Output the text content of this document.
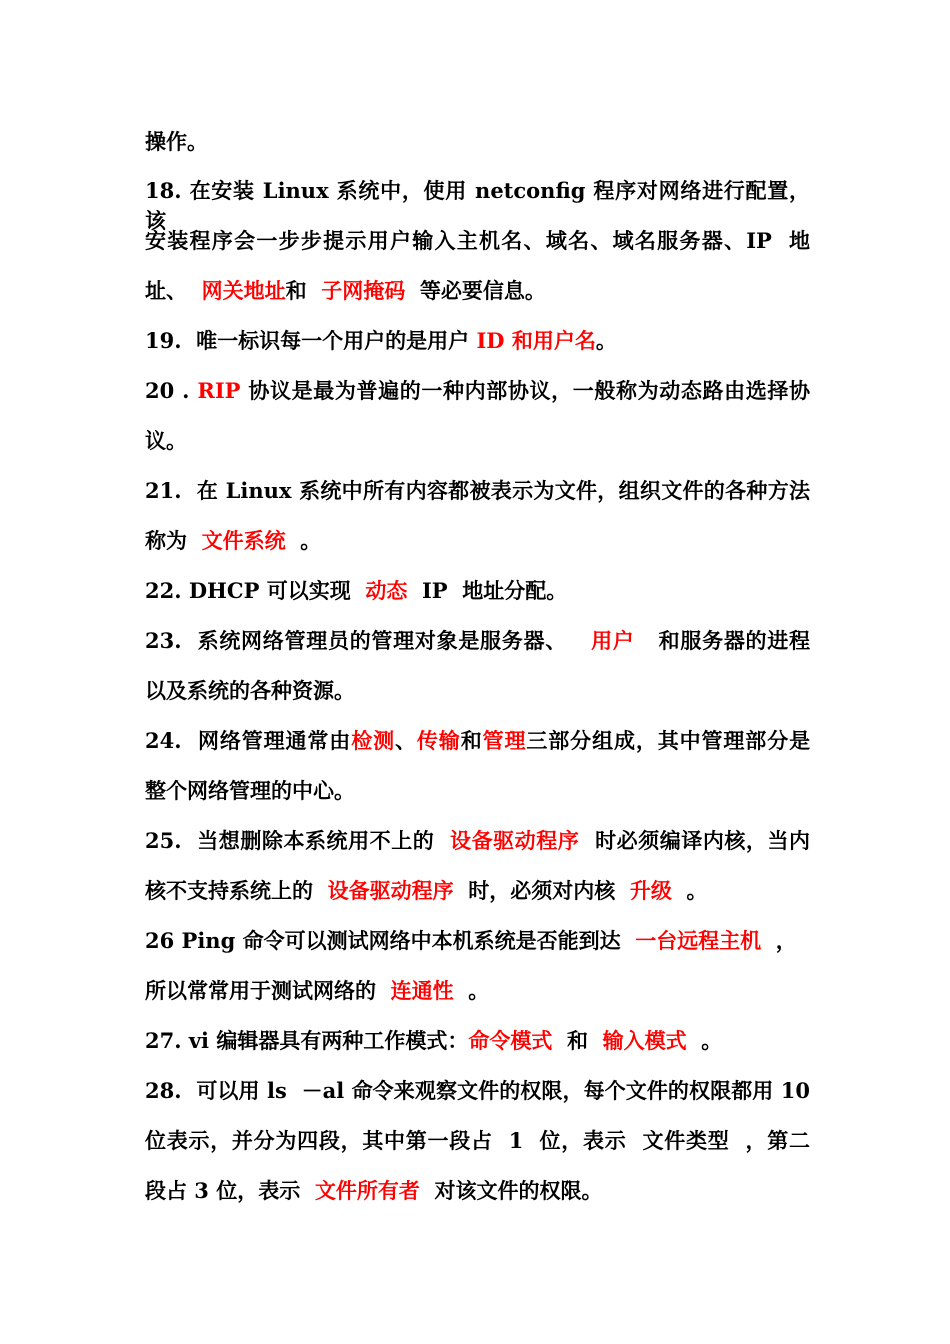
操作。
18. 在安装 Linux 系统中，使用 netconfig 程序对网络进行配置，该
安装程序会一步步提示用户输入主机名、域名、域名服务器、IP  地
址、  网关地址和  子网掩码  等必要信息。
19.  唯一标识每一个用户的是用户 ID 和用户名。
20 . RIP 协议是最为普遍的一种内部协议，一般称为动态路由选择协
议。
21.  在 Linux 系统中所有内容都被表示为文件，组织文件的各种方法
称为  文件系统  。
22. DHCP 可以实现  动态  IP  地址分配。
23.  系统网络管理员的管理对象是服务器、   用户   和服务器的进程
以及系统的各种资源。
24.  网络管理通常由检测、传输和管理三部分组成，其中管理部分是
整个网络管理的中心。
25.  当想删除本系统用不上的  设备驱动程序  时必须编译内核，当内
核不支持系统上的  设备驱动程序  时，必须对内核  升级  。
26 Ping 命令可以测试网络中本机系统是否能到达  一台远程主机  ，
所以常常用于测试网络的  连通性  。
27. vi 编辑器具有两种工作模式：命令模式  和  输入模式  。
28.  可以用 ls  －al 命令来观察文件的权限，每个文件的权限都用 10
位表示，并分为四段，其中第一段占  1  位，表示  文件类型  ，第二
段占 3 位，表示  文件所有者  对该文件的权限。
